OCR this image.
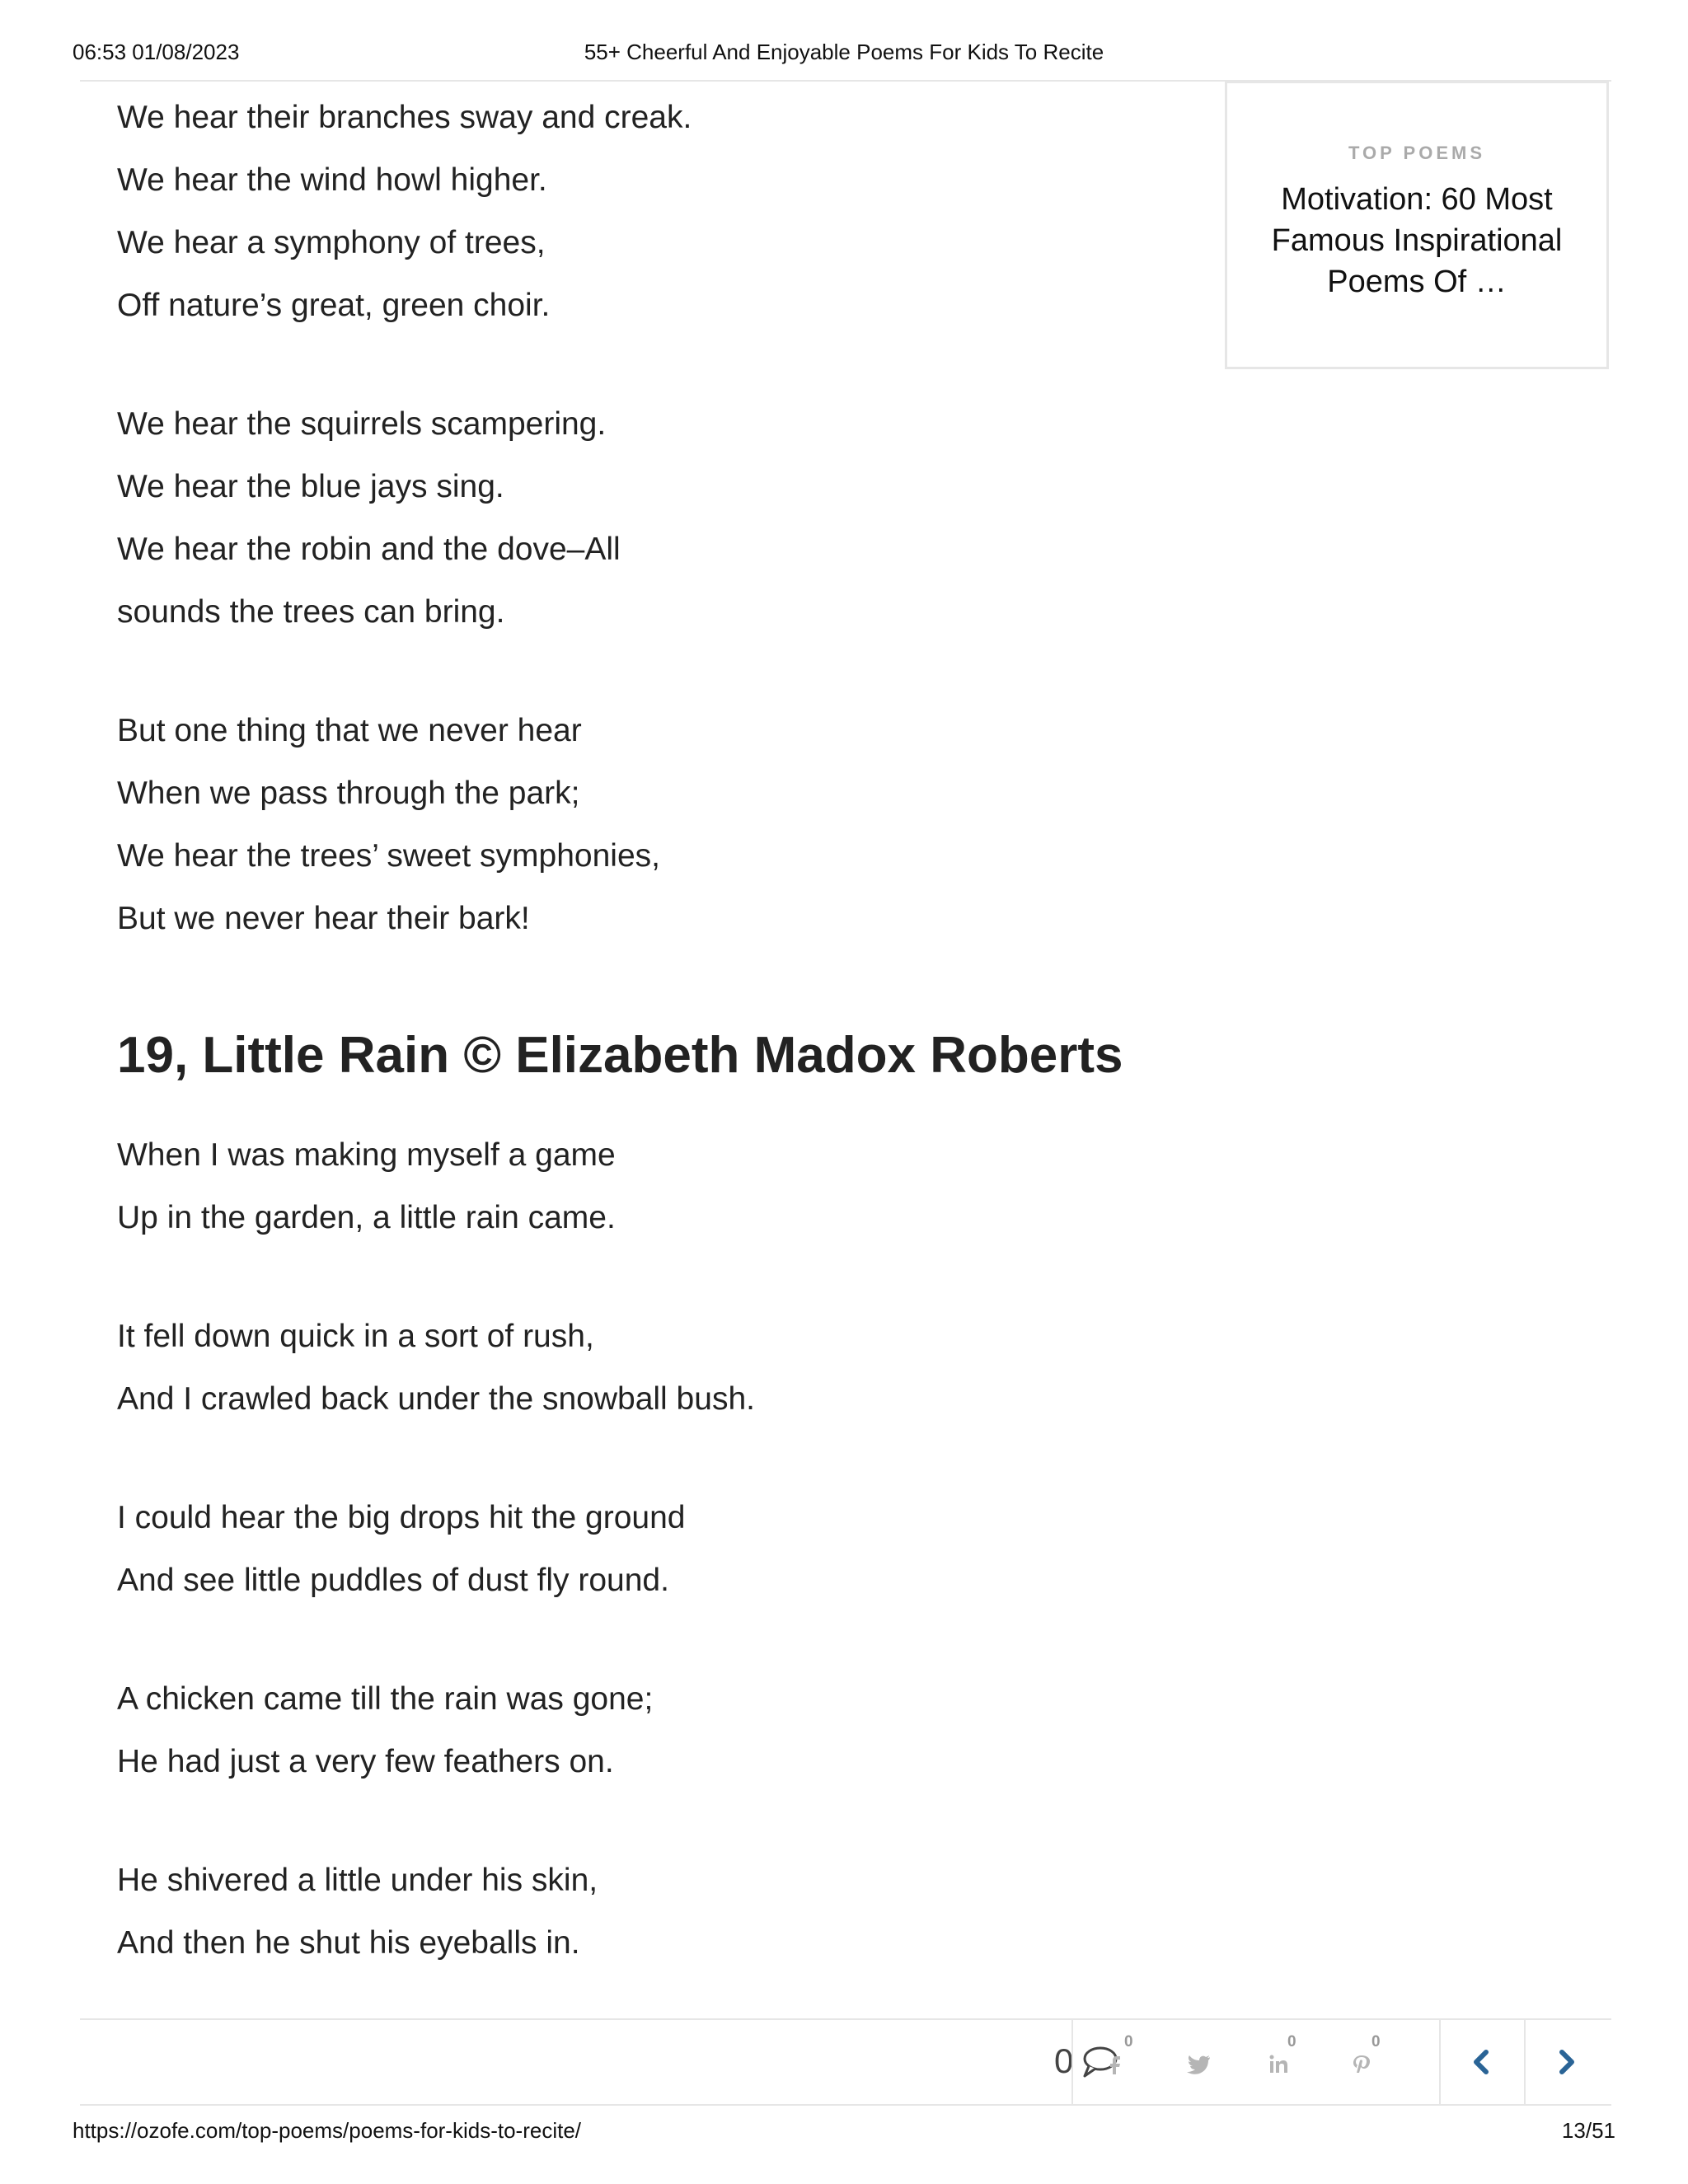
06:53 01/08/2023	55+ Cheerful And Enjoyable Poems For Kids To Recite
We hear their branches sway and creak.
We hear the wind howl higher.
We hear a symphony of trees,
Off nature’s great, green choir.
We hear the squirrels scampering.
We hear the blue jays sing.
We hear the robin and the dove–All
sounds the trees can bring.
But one thing that we never hear
When we pass through the park;
We hear the trees’ sweet symphonies,
But we never hear their bark!
19, Little Rain © Elizabeth Madox Roberts
When I was making myself a game
Up in the garden, a little rain came.
It fell down quick in a sort of rush,
And I crawled back under the snowball bush.
I could hear the big drops hit the ground
And see little puddles of dust fly round.
A chicken came till the rain was gone;
He had just a very few feathers on.
He shivered a little under his skin,
And then he shut his eyeballs in.
TOP POEMS
Motivation: 60 Most Famous Inspirational Poems Of …
0	0	0	0
https://ozofe.com/top-poems/poems-for-kids-to-recite/	13/51
